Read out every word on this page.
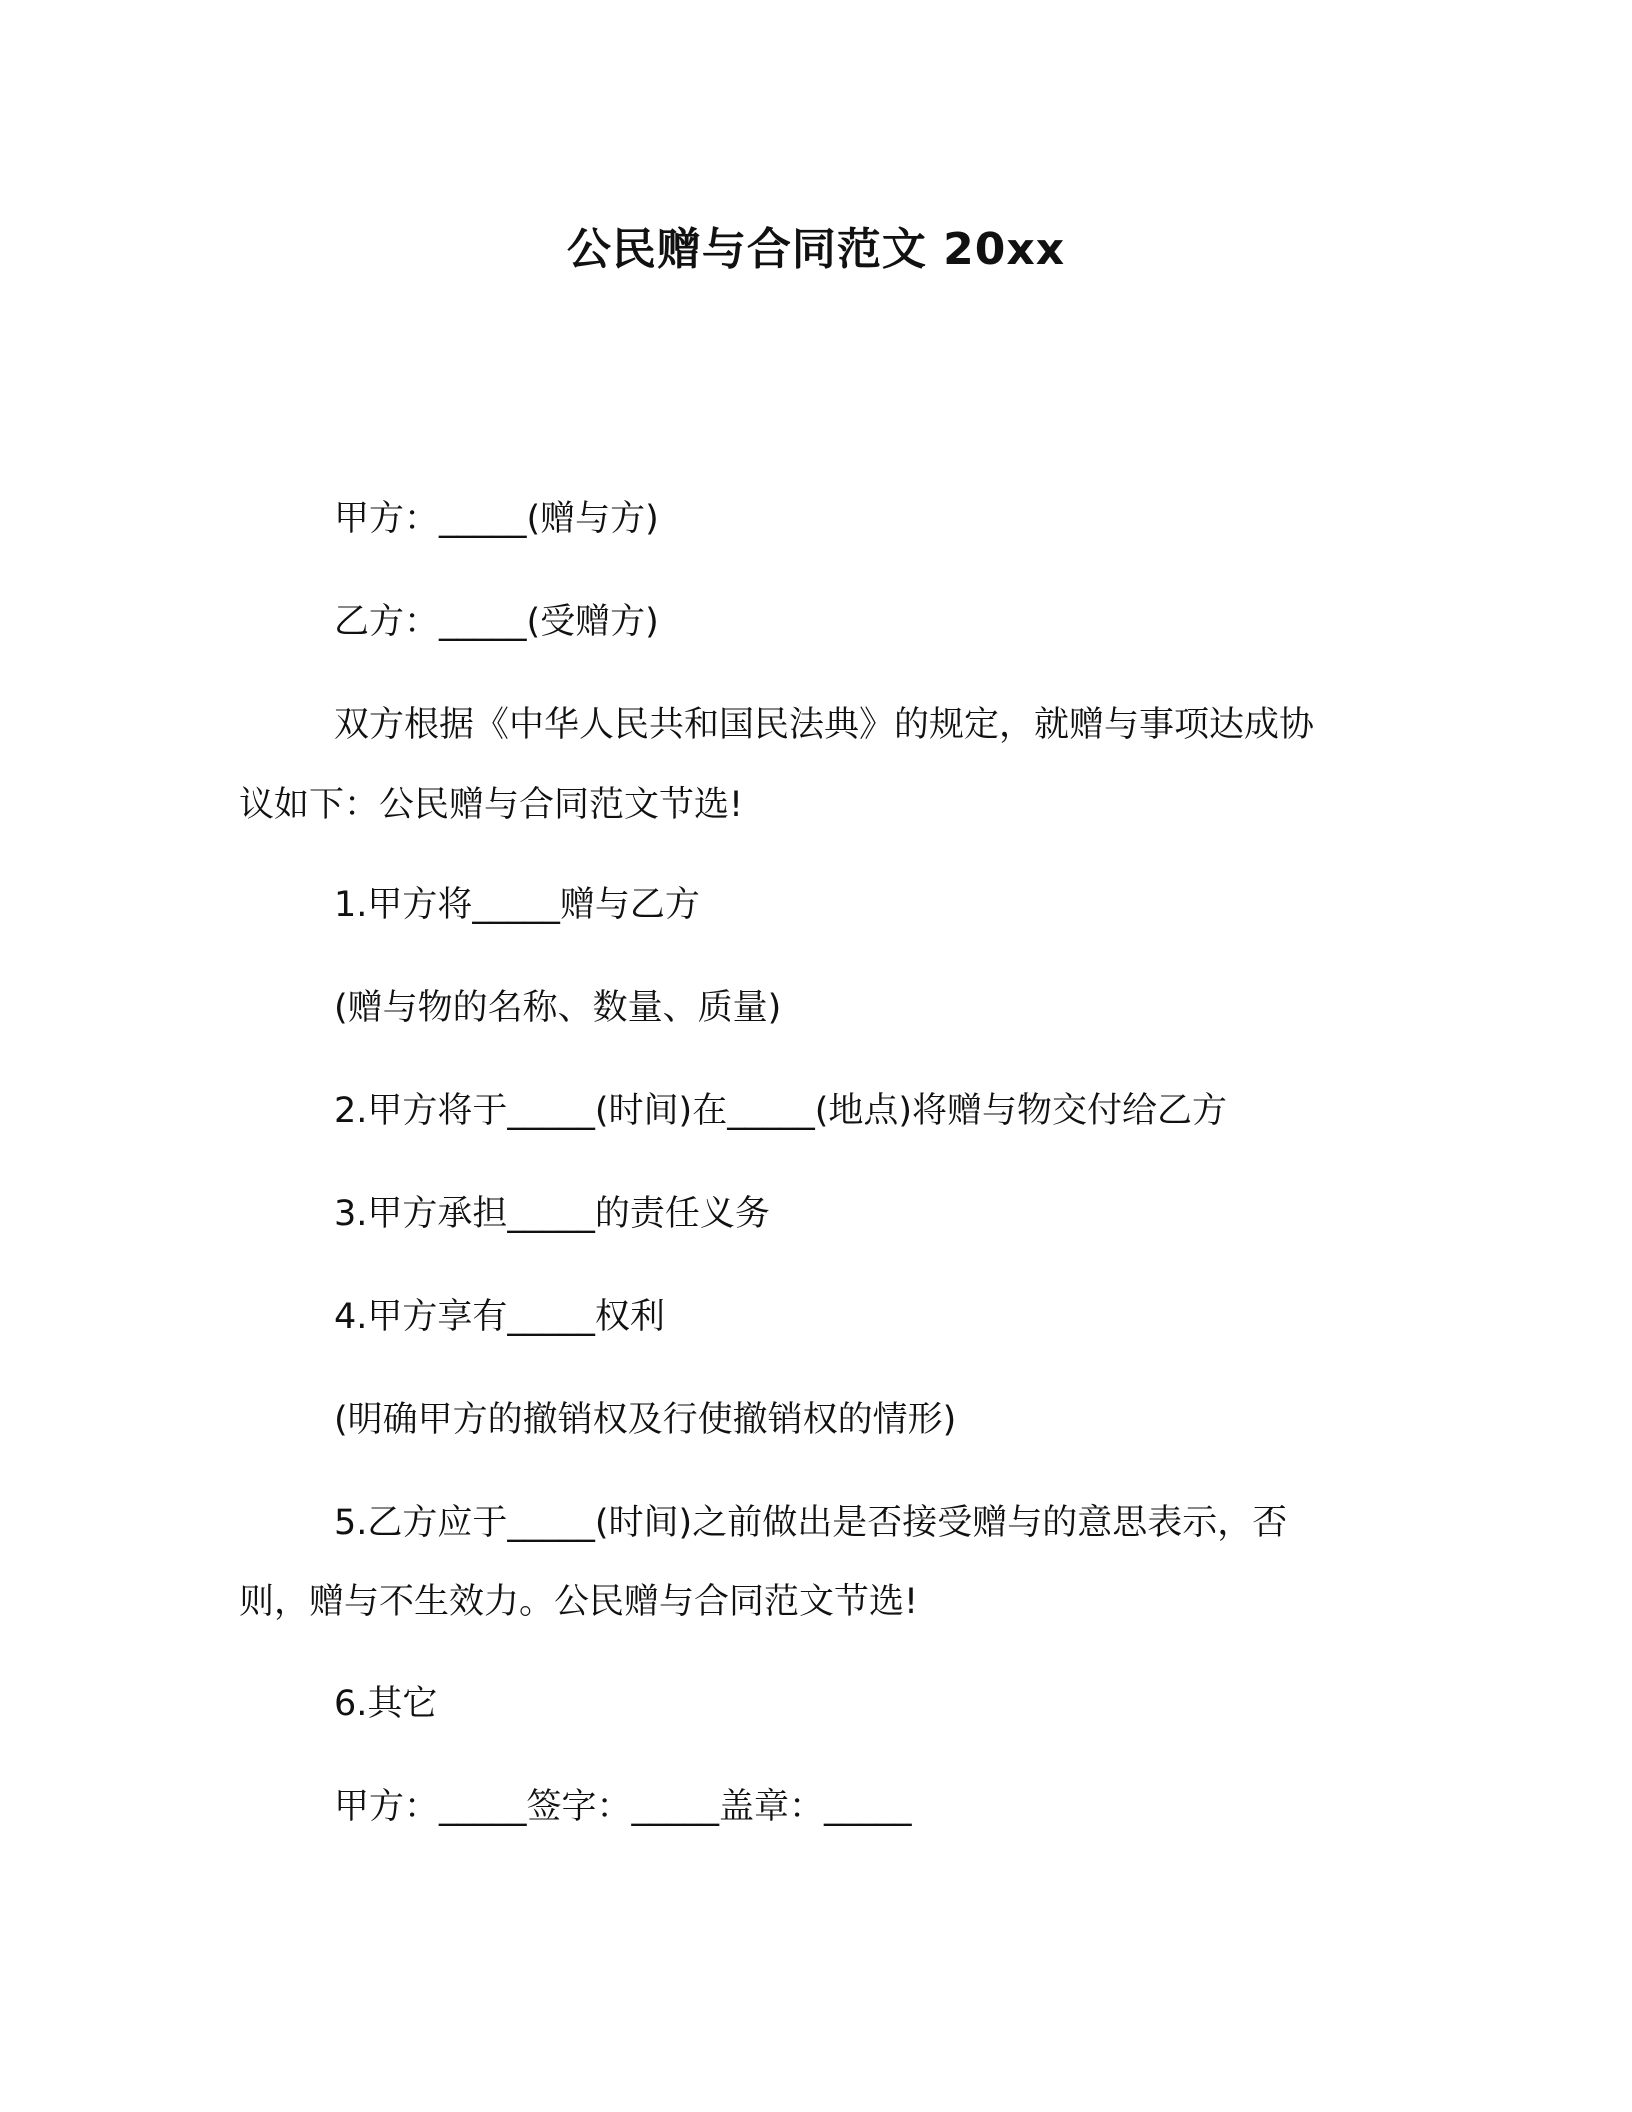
公民赠与合同范文 20xx

甲方：_____(赠与方)

乙方：_____(受赠方)

双方根据《中华人民共和国民法典》的规定，就赠与事项达成协

议如下：公民赠与合同范文节选!

1.甲方将_____赠与乙方

(赠与物的名称、数量、质量)

2.甲方将于_____(时间)在_____(地点)将赠与物交付给乙方

3.甲方承担_____的责任义务

4.甲方享有_____权利

(明确甲方的撤销权及行使撤销权的情形)

5.乙方应于_____(时间)之前做出是否接受赠与的意思表示，否

则，赠与不生效力。公民赠与合同范文节选!

6.其它

甲方：_____签字：_____盖章：_____
